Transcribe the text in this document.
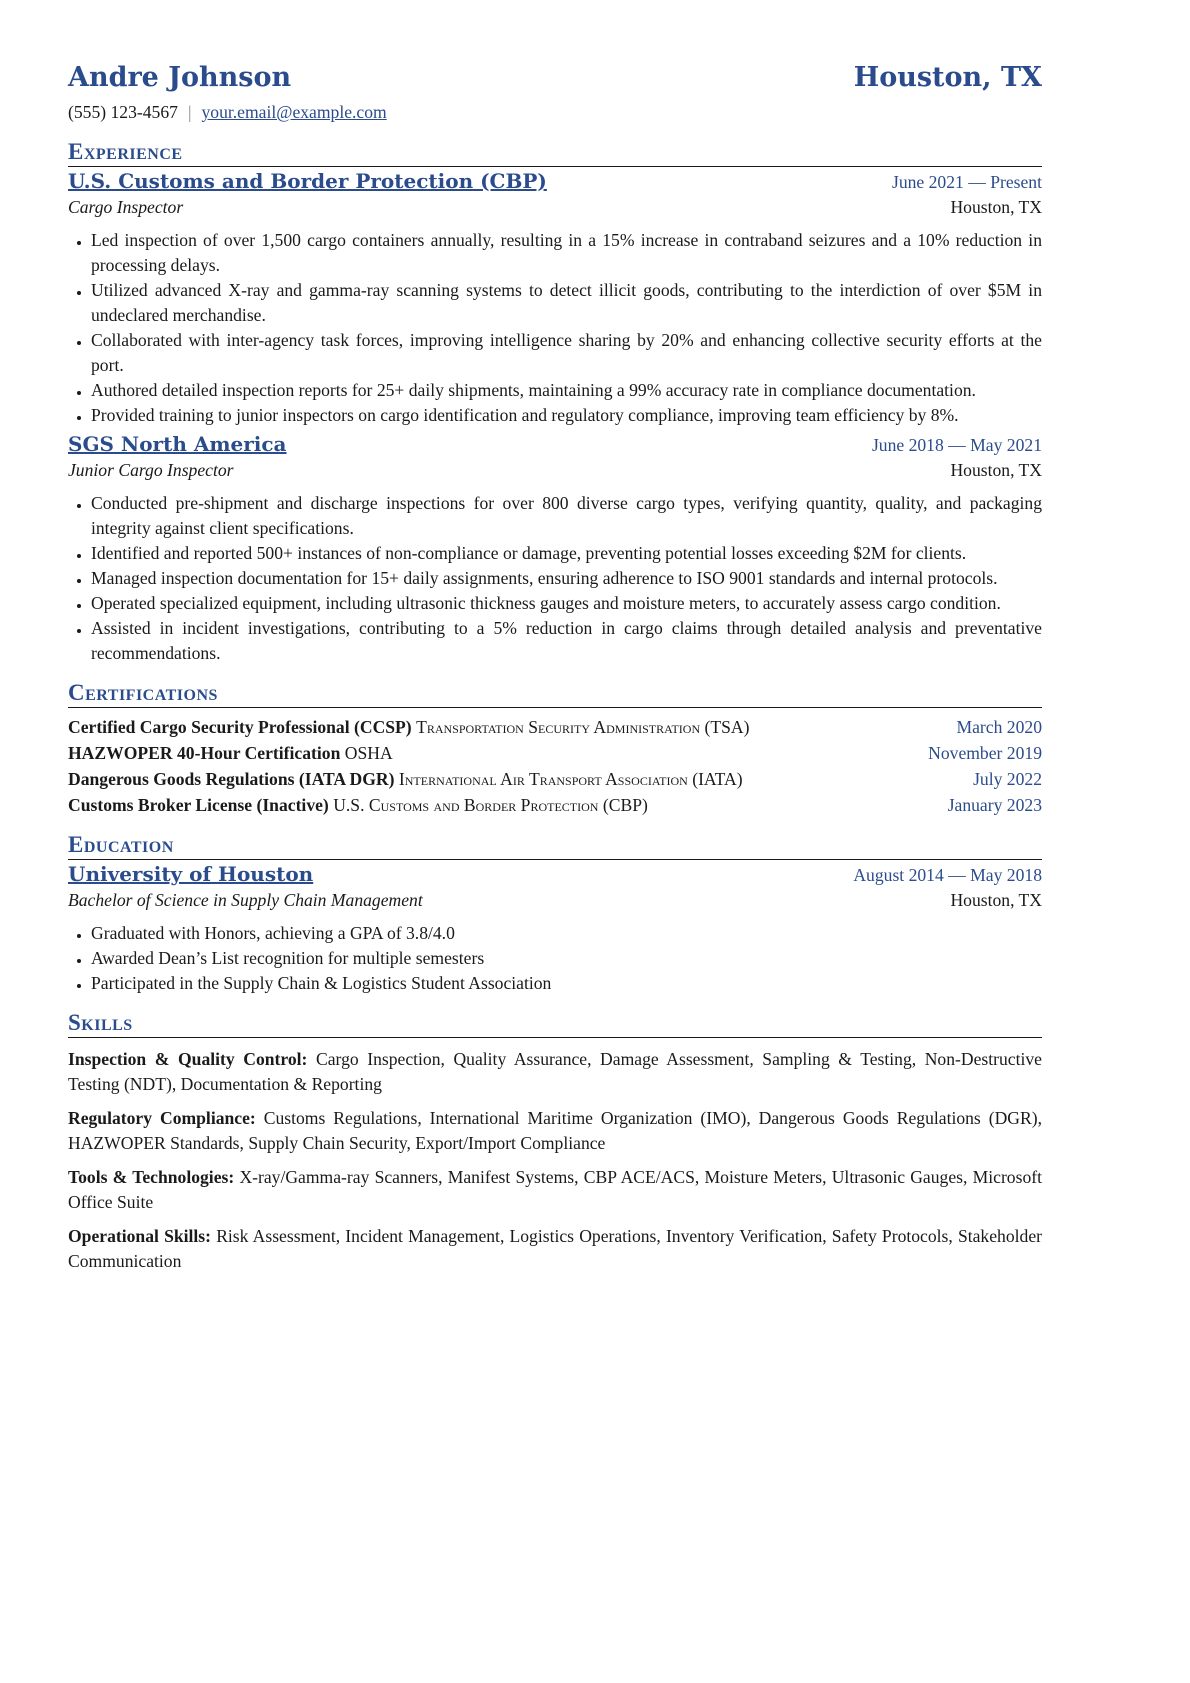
Andre Johnson	Houston, TX
(555) 123-4567 | your.email@example.com
Experience
U.S. Customs and Border Protection (CBP)	June 2021 — Present
Cargo Inspector	Houston, TX
• Led inspection of over 1,500 cargo containers annually, resulting in a 15% increase in contraband seizures and a 10% reduction in processing delays.
• Utilized advanced X-ray and gamma-ray scanning systems to detect illicit goods, contributing to the interdiction of over $5M in undeclared merchandise.
• Collaborated with inter-agency task forces, improving intelligence sharing by 20% and enhancing collective security efforts at the port.
• Authored detailed inspection reports for 25+ daily shipments, maintaining a 99% accuracy rate in compliance documentation.
• Provided training to junior inspectors on cargo identification and regulatory compliance, improving team efficiency by 8%.
SGS North America	June 2018 — May 2021
Junior Cargo Inspector	Houston, TX
• Conducted pre-shipment and discharge inspections for over 800 diverse cargo types, verifying quantity, quality, and packaging integrity against client specifications.
• Identified and reported 500+ instances of non-compliance or damage, preventing potential losses exceeding $2M for clients.
• Managed inspection documentation for 15+ daily assignments, ensuring adherence to ISO 9001 standards and internal protocols.
• Operated specialized equipment, including ultrasonic thickness gauges and moisture meters, to accurately assess cargo condition.
• Assisted in incident investigations, contributing to a 5% reduction in cargo claims through detailed analysis and preventative recommendations.
Certifications
Certified Cargo Security Professional (CCSP) Transportation Security Administration (TSA)	March 2020
HAZWOPER 40-Hour Certification OSHA	November 2019
Dangerous Goods Regulations (IATA DGR) International Air Transport Association (IATA)	July 2022
Customs Broker License (Inactive) U.S. Customs and Border Protection (CBP)	January 2023
Education
University of Houston	August 2014 — May 2018
Bachelor of Science in Supply Chain Management	Houston, TX
• Graduated with Honors, achieving a GPA of 3.8/4.0
• Awarded Dean’s List recognition for multiple semesters
• Participated in the Supply Chain & Logistics Student Association
Skills
Inspection & Quality Control: Cargo Inspection, Quality Assurance, Damage Assessment, Sampling & Testing, Non-Destructive Testing (NDT), Documentation & Reporting
Regulatory Compliance: Customs Regulations, International Maritime Organization (IMO), Dangerous Goods Regulations (DGR), HAZWOPER Standards, Supply Chain Security, Export/Import Compliance
Tools & Technologies: X-ray/Gamma-ray Scanners, Manifest Systems, CBP ACE/ACS, Moisture Meters, Ultrasonic Gauges, Microsoft Office Suite
Operational Skills: Risk Assessment, Incident Management, Logistics Operations, Inventory Verification, Safety Protocols, Stakeholder Communication
